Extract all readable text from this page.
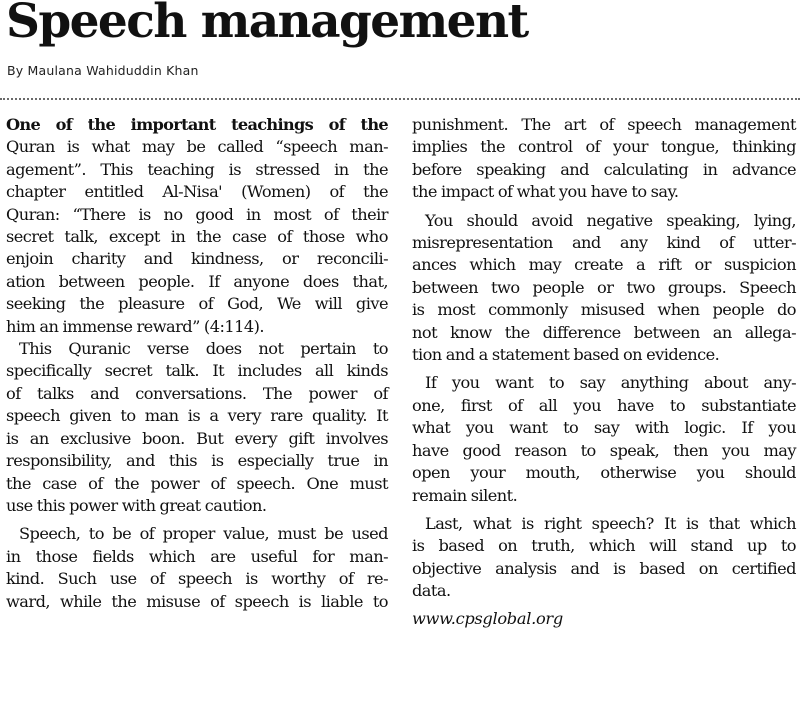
Speech management
By Maulana Wahiduddin Khan
One of the important teachings of the
Quran is what may be called “speech man-
agement”. This teaching is stressed in the
chapter entitled Al-Nisa' (Women) of the
Quran: “There is no good in most of their
secret talk, except in the case of those who
enjoin charity and kindness, or reconcili-
ation between people. If anyone does that,
seeking the pleasure of God, We will give
him an immense reward” (4:114).
This Quranic verse does not pertain to
specifically secret talk. It includes all kinds
of talks and conversations. The power of
speech given to man is a very rare quality. It
is an exclusive boon. But every gift involves
responsibility, and this is especially true in
the case of the power of speech. One must
use this power with great caution.
Speech, to be of proper value, must be used
in those fields which are useful for man-
kind. Such use of speech is worthy of re-
ward, while the misuse of speech is liable to
punishment. The art of speech management
implies the control of your tongue, thinking
before speaking and calculating in advance
the impact of what you have to say.
You should avoid negative speaking, lying,
misrepresentation and any kind of utter-
ances which may create a rift or suspicion
between two people or two groups. Speech
is most commonly misused when people do
not know the difference between an allega-
tion and a statement based on evidence.
If you want to say anything about any-
one, first of all you have to substantiate
what you want to say with logic. If you
have good reason to speak, then you may
open your mouth, otherwise you should
remain silent.
Last, what is right speech? It is that which
is based on truth, which will stand up to
objective analysis and is based on certified
data.
www.cpsglobal.org
